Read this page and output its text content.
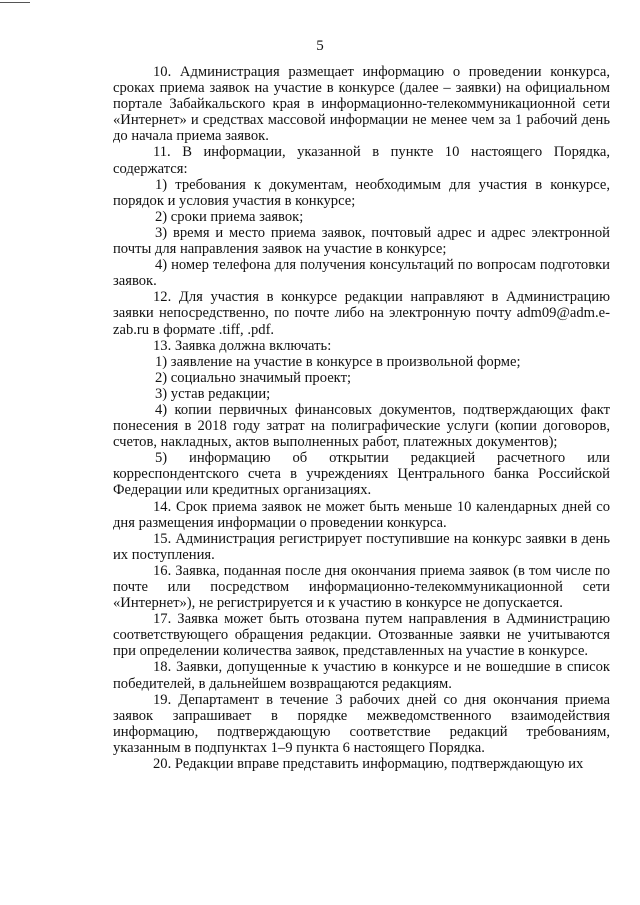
5

10. Администрация размещает информацию о проведении конкурса, сроках приема заявок на участие в конкурсе (далее – заявки) на официальном портале Забайкальского края в информационно-телекоммуникационной сети «Интернет» и средствах массовой информации не менее чем за 1 рабочий день до начала приема заявок.

11. В информации, указанной в пункте 10 настоящего Порядка, содержатся:

1) требования к документам, необходимым для участия в конкурсе, порядок и условия участия в конкурсе;

2) сроки приема заявок;

3) время и место приема заявок, почтовый адрес и адрес электронной почты для направления заявок на участие в конкурсе;

4) номер телефона для получения консультаций по вопросам подготовки заявок.

12. Для участия в конкурсе редакции направляют в Администрацию заявки непосредственно, по почте либо на электронную почту adm09@adm.e-zab.ru в формате .tiff, .pdf.

13. Заявка должна включать:

1) заявление на участие в конкурсе в произвольной форме;

2) социально значимый проект;

3) устав редакции;

4) копии первичных финансовых документов, подтверждающих факт понесения в 2018 году затрат на полиграфические услуги (копии договоров, счетов, накладных, актов выполненных работ, платежных документов);

5) информацию об открытии редакцией расчетного или корреспондентского счета в учреждениях Центрального банка Российской Федерации или кредитных организациях.

14. Срок приема заявок не может быть меньше 10 календарных дней со дня размещения информации о проведении конкурса.

15. Администрация регистрирует поступившие на конкурс заявки в день их поступления.

16. Заявка, поданная после дня окончания приема заявок (в том числе по почте или посредством информационно-телекоммуникационной сети «Интернет»), не регистрируется и к участию в конкурсе не допускается.

17. Заявка может быть отозвана путем направления в Администрацию соответствующего обращения редакции. Отозванные заявки не учитываются при определении количества заявок, представленных на участие в конкурсе.

18. Заявки, допущенные к участию в конкурсе и не вошедшие в список победителей, в дальнейшем возвращаются редакциям.

19. Департамент в течение 3 рабочих дней со дня окончания приема заявок запрашивает в порядке межведомственного взаимодействия информацию, подтверждающую соответствие редакций требованиям, указанным в подпунктах 1–9 пункта 6 настоящего Порядка.

20. Редакции вправе представить информацию, подтверждающую их
